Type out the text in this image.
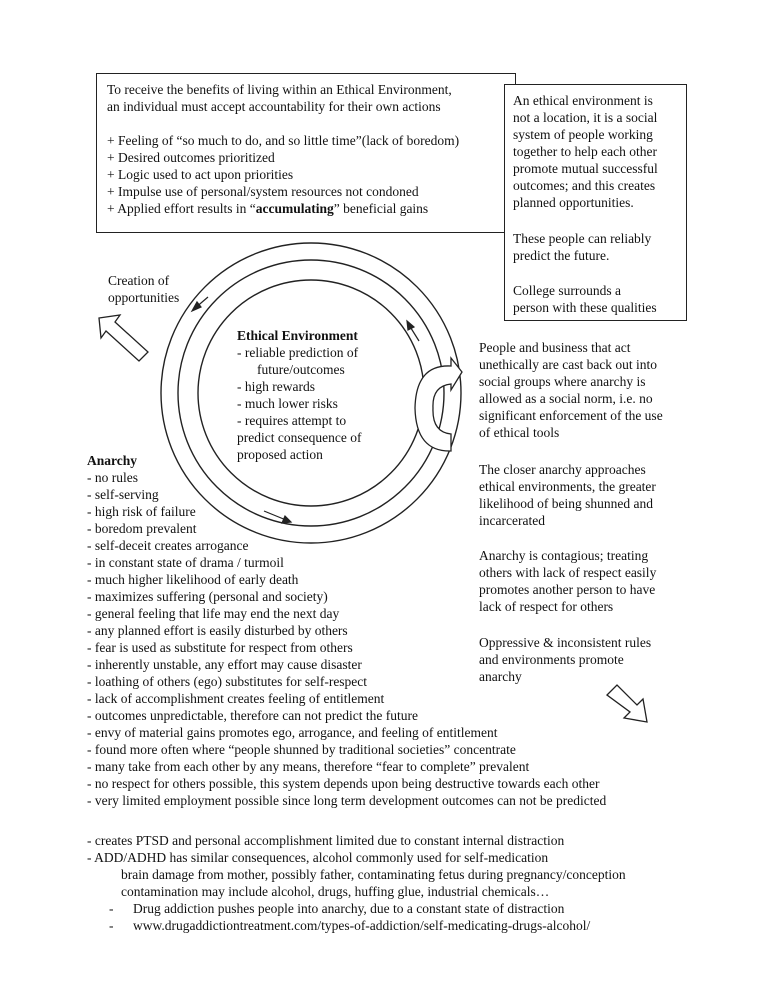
To receive the benefits of living within an Ethical Environment,
an individual must accept accountability for their own actions
+ Feeling of “so much to do, and so little time”(lack of boredom)
+ Desired outcomes prioritized
+ Logic used to act upon priorities
+ Impulse use of personal/system resources not condoned
+ Applied effort results in “accumulating” beneficial gains
An ethical environment is
not a location, it is a social
system of people working
together to help each other
promote mutual successful
outcomes; and this creates
planned opportunities.
These people can reliably
predict the future.
College surrounds a
person with these qualities
Creation of
opportunities
Ethical Environment
- reliable prediction of
future/outcomes
- high rewards
- much lower risks
- requires attempt to
predict consequence of
proposed action
People and business that act
unethically are cast back out into
social groups where anarchy is
allowed as a social norm, i.e. no
significant enforcement of the use
of ethical tools
The closer anarchy approaches
ethical environments, the greater
likelihood of being shunned and
incarcerated
Anarchy is contagious; treating
others with lack of respect easily
promotes another person to have
lack of respect for others
Oppressive & inconsistent rules
and environments promote
anarchy
Anarchy
- no rules
- self-serving
- high risk of failure
- boredom prevalent
- self-deceit creates arrogance
- in constant state of drama / turmoil
- much higher likelihood of early death
- maximizes suffering (personal and society)
- general feeling that life may end the next day
- any planned effort is easily disturbed by others
- fear is used as substitute for respect from others
- inherently unstable, any effort may cause disaster
- loathing of others (ego) substitutes for self-respect
- lack of accomplishment creates feeling of entitlement
- outcomes unpredictable, therefore can not predict the future
- envy of material gains promotes ego, arrogance, and feeling of entitlement
- found more often where “people shunned by traditional societies” concentrate
- many take from each other by any means, therefore “fear to complete” prevalent
- no respect for others possible, this system depends upon being destructive towards each other
- very limited employment possible since long term development outcomes can not be predicted
- creates PTSD and personal accomplishment limited due to constant internal distraction
- ADD/ADHD has similar consequences, alcohol commonly used for self-medication
brain damage from mother, possibly father, contaminating fetus during pregnancy/conception
contamination may include alcohol, drugs, huffing glue, industrial chemicals…
- Drug addiction pushes people into anarchy, due to a constant state of distraction
- www.drugaddictiontreatment.com/types-of-addiction/self-medicating-drugs-alcohol/
